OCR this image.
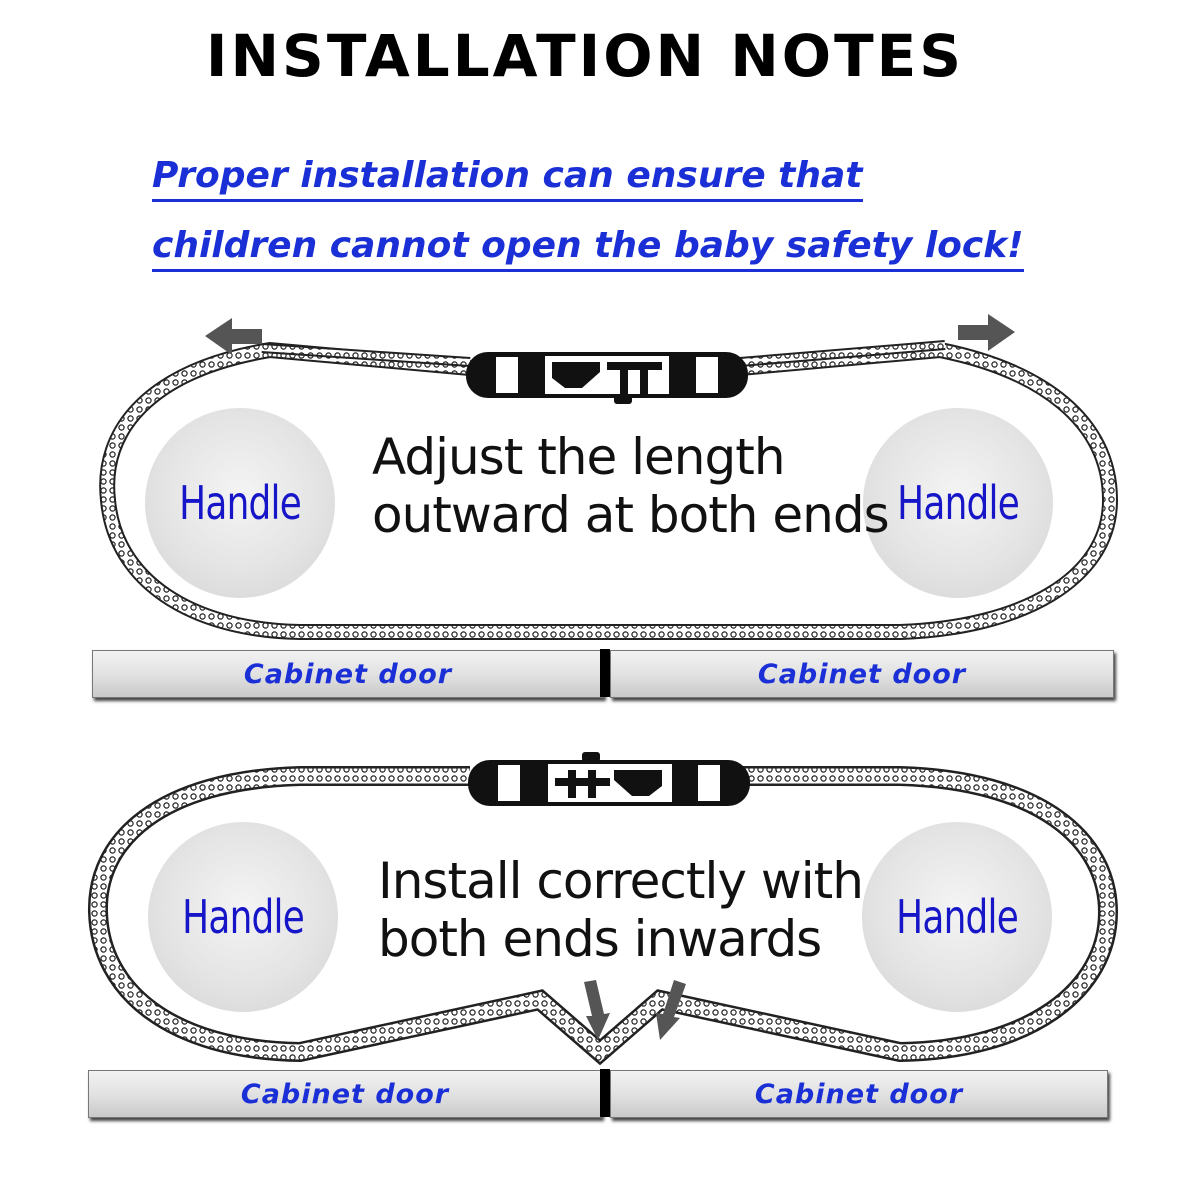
INSTALLATION NOTES
Proper installation can ensure that
children cannot open the baby safety lock!
Handle	Handle
Adjust the length
outward at both ends
Cabinet door	Cabinet door
Handle	Handle
Install correctly with
both ends inwards
Cabinet door	Cabinet door
